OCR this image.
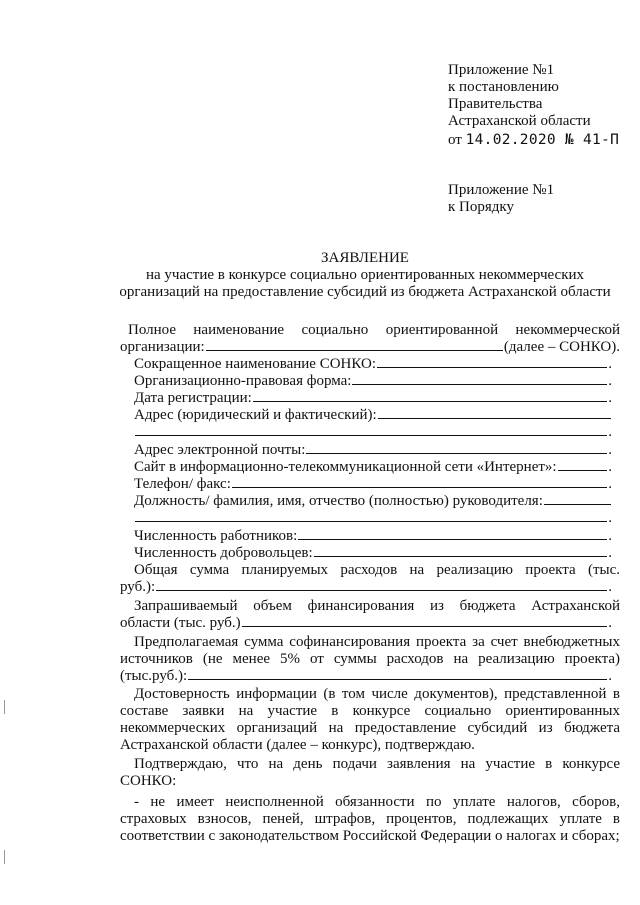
Приложение №1
к постановлению
Правительства
Астраханской области
от 14.02.2020 № 41-П
Приложение №1
к Порядку
ЗАЯВЛЕНИЕ
на участие в конкурсе социально ориентированных некоммерческих
организаций на предоставление субсидий из бюджета Астраханской области
Полное наименование социально ориентированной некоммерческой
организации:	(далее – СОНКО).
Сокращенное наименование СОНКО:	.
Организационно-правовая форма:	.
Дата регистрации:	.
Адрес (юридический и фактический):
.
Адрес электронной почты:	.
Сайт в информационно-телекоммуникационной сети «Интернет»:	.
Телефон/ факс:	.
Должность/ фамилия, имя, отчество (полностью) руководителя:
.
Численность работников:	.
Численность добровольцев:	.
Общая сумма планируемых расходов на реализацию проекта (тыс.
руб.):	.
Запрашиваемый объем финансирования из бюджета Астраханской
области (тыс. руб.)	.
Предполагаемая сумма софинансирования проекта за счет внебюджетных
источников (не менее 5% от суммы расходов на реализацию проекта)
(тыс.руб.):	.
Достоверность информации (в том числе документов), представленной в
составе заявки на участие в конкурсе социально ориентированных
некоммерческих организаций на предоставление субсидий из бюджета
Астраханской области (далее – конкурс), подтверждаю.
Подтверждаю, что на день подачи заявления на участие в конкурсе
СОНКО:
- не имеет неисполненной обязанности по уплате налогов, сборов,
страховых взносов, пеней, штрафов, процентов, подлежащих уплате в
соответствии с законодательством Российской Федерации о налогах и сборах;
